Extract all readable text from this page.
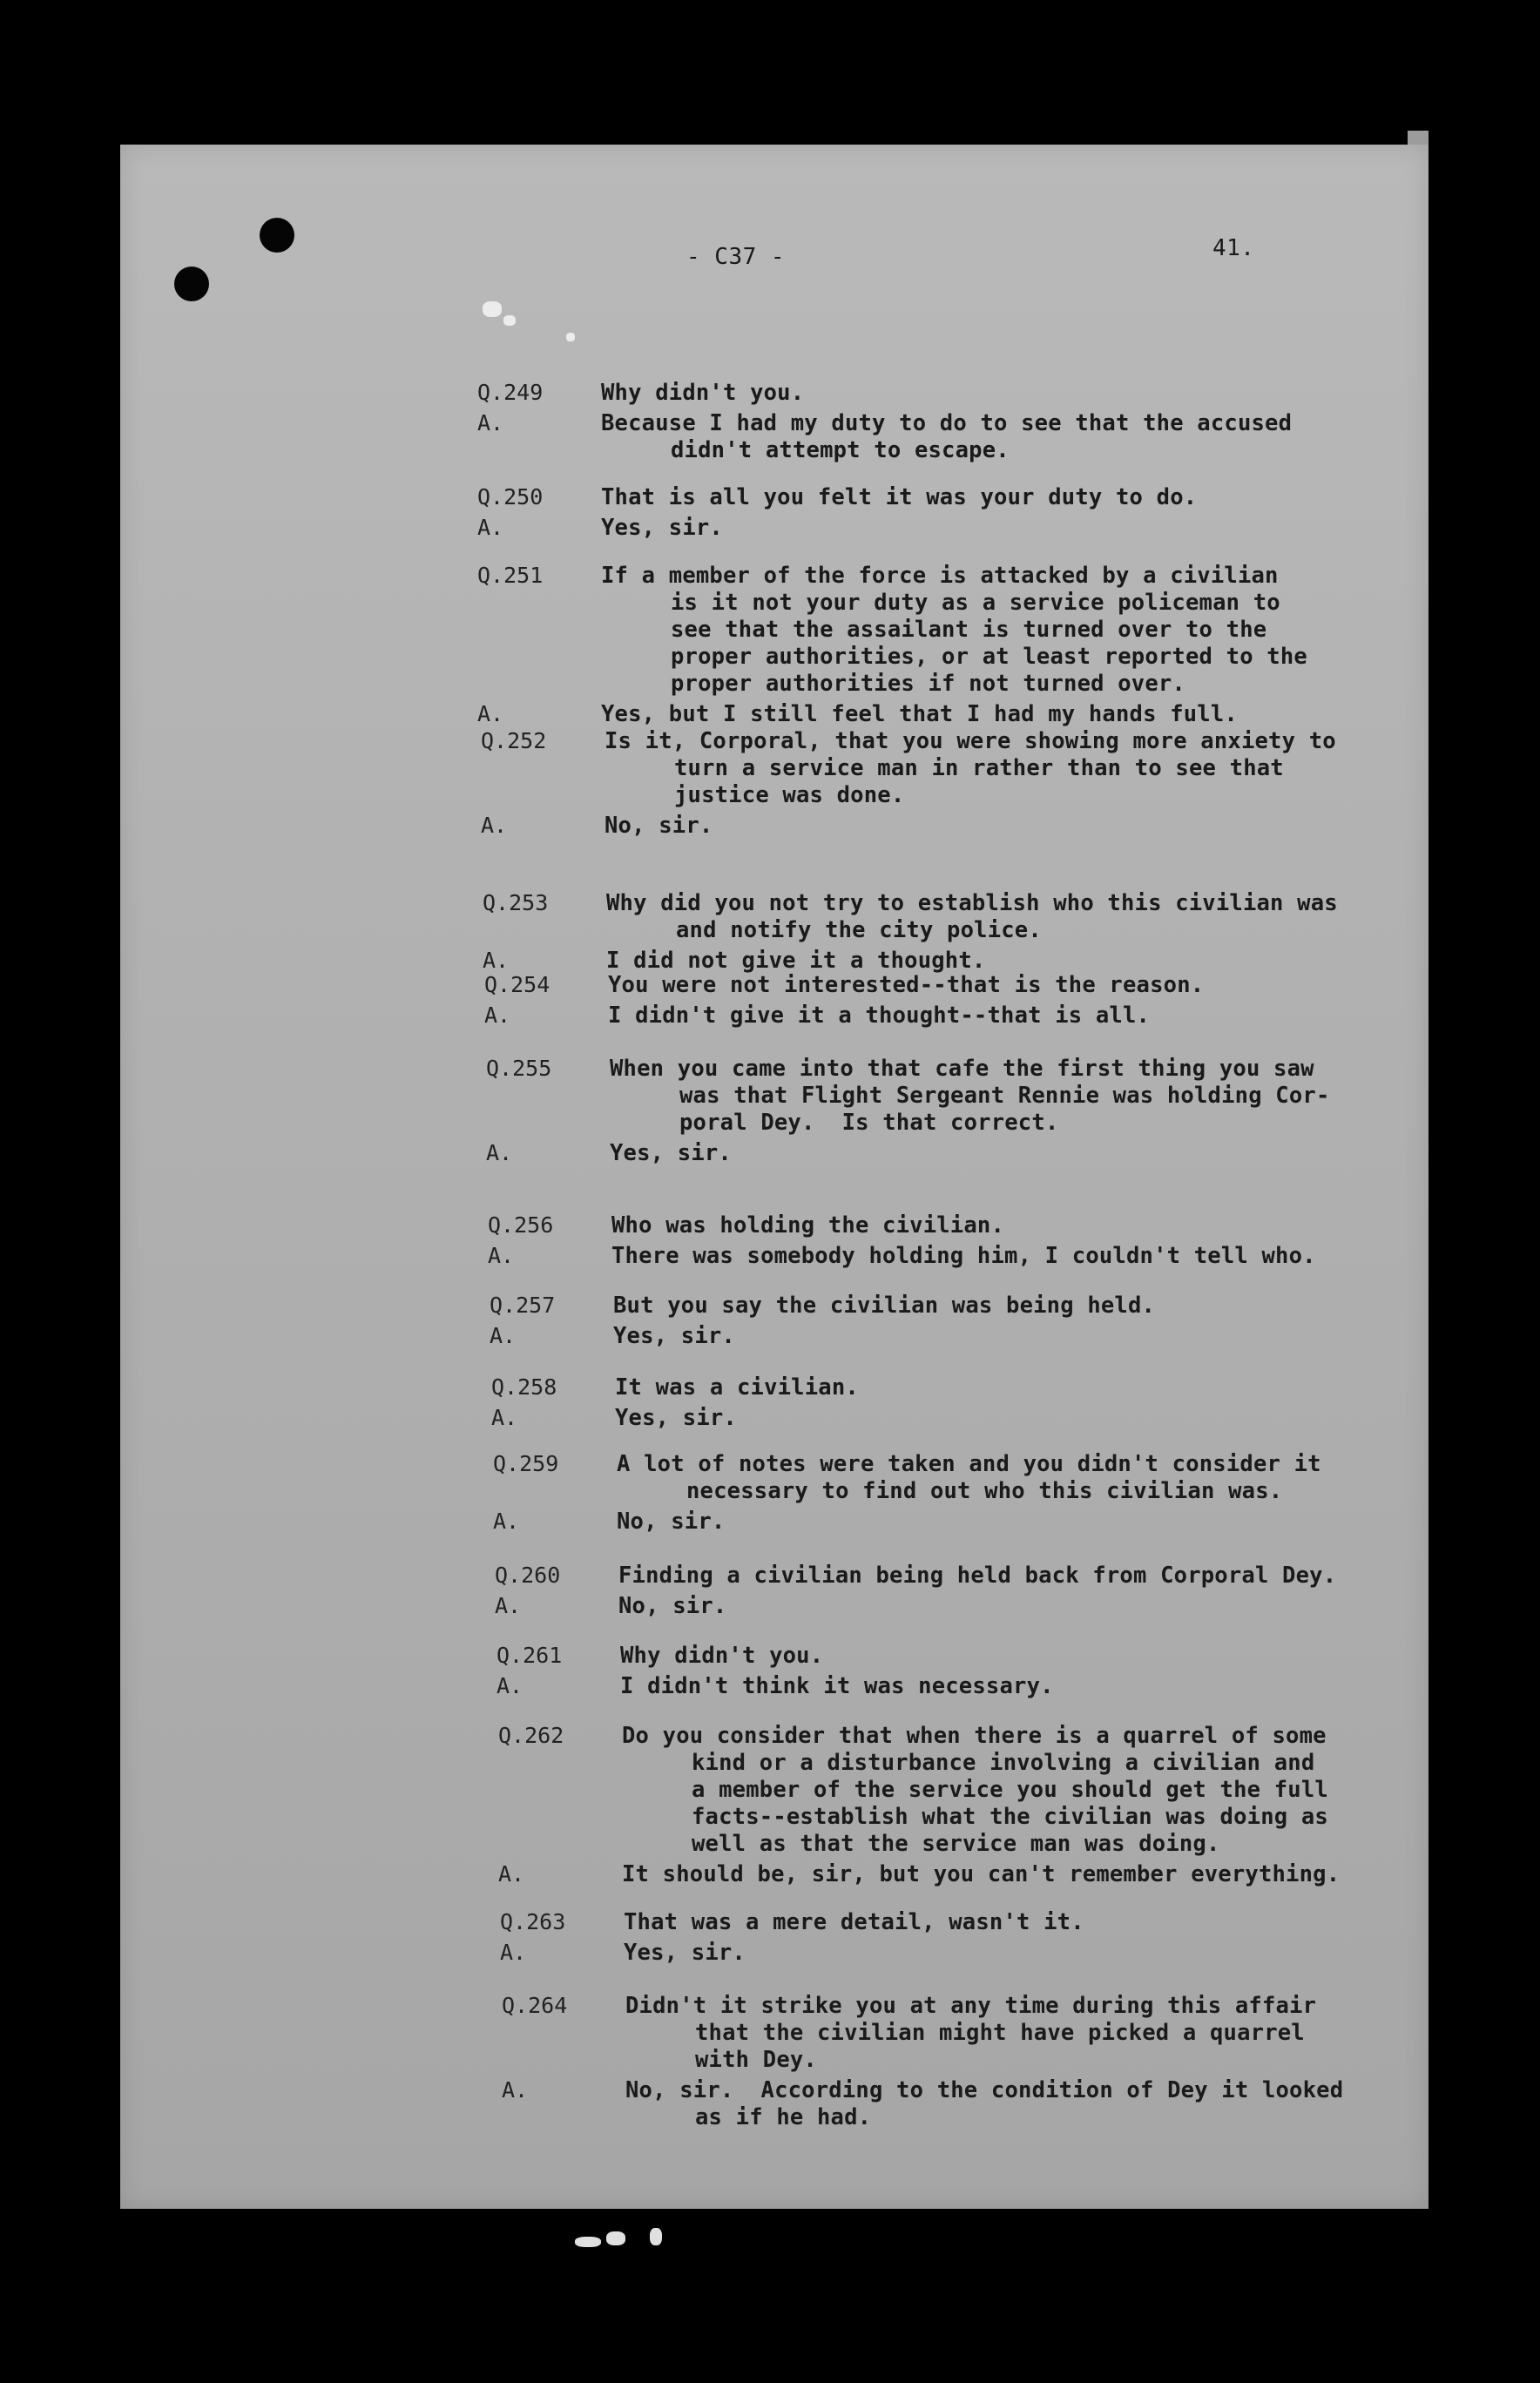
- C37 -	41.
Q.249	Why didn't you.
A.	Because I had my duty to do to see that the accused
didn't attempt to escape.
Q.250	That is all you felt it was your duty to do.
A.	Yes, sir.
Q.251	If a member of the force is attacked by a civilian
is it not your duty as a service policeman to
see that the assailant is turned over to the
proper authorities, or at least reported to the
proper authorities if not turned over.
A.	Yes, but I still feel that I had my hands full.
Q.252	Is it, Corporal, that you were showing more anxiety to
turn a service man in rather than to see that
justice was done.
A.	No, sir.
Q.253	Why did you not try to establish who this civilian was
and notify the city police.
A.	I did not give it a thought.
Q.254	You were not interested--that is the reason.
A.	I didn't give it a thought--that is all.
Q.255	When you came into that cafe the first thing you saw
was that Flight Sergeant Rennie was holding Cor-
poral Dey.  Is that correct.
A.	Yes, sir.
Q.256	Who was holding the civilian.
A.	There was somebody holding him, I couldn't tell who.
Q.257	But you say the civilian was being held.
A.	Yes, sir.
Q.258	It was a civilian.
A.	Yes, sir.
Q.259	A lot of notes were taken and you didn't consider it
necessary to find out who this civilian was.
A.	No, sir.
Q.260	Finding a civilian being held back from Corporal Dey.
A.	No, sir.
Q.261	Why didn't you.
A.	I didn't think it was necessary.
Q.262	Do you consider that when there is a quarrel of some
kind or a disturbance involving a civilian and
a member of the service you should get the full
facts--establish what the civilian was doing as
well as that the service man was doing.
A.	It should be, sir, but you can't remember everything.
Q.263	That was a mere detail, wasn't it.
A.	Yes, sir.
Q.264	Didn't it strike you at any time during this affair
that the civilian might have picked a quarrel
with Dey.
A.	No, sir.  According to the condition of Dey it looked
as if he had.
